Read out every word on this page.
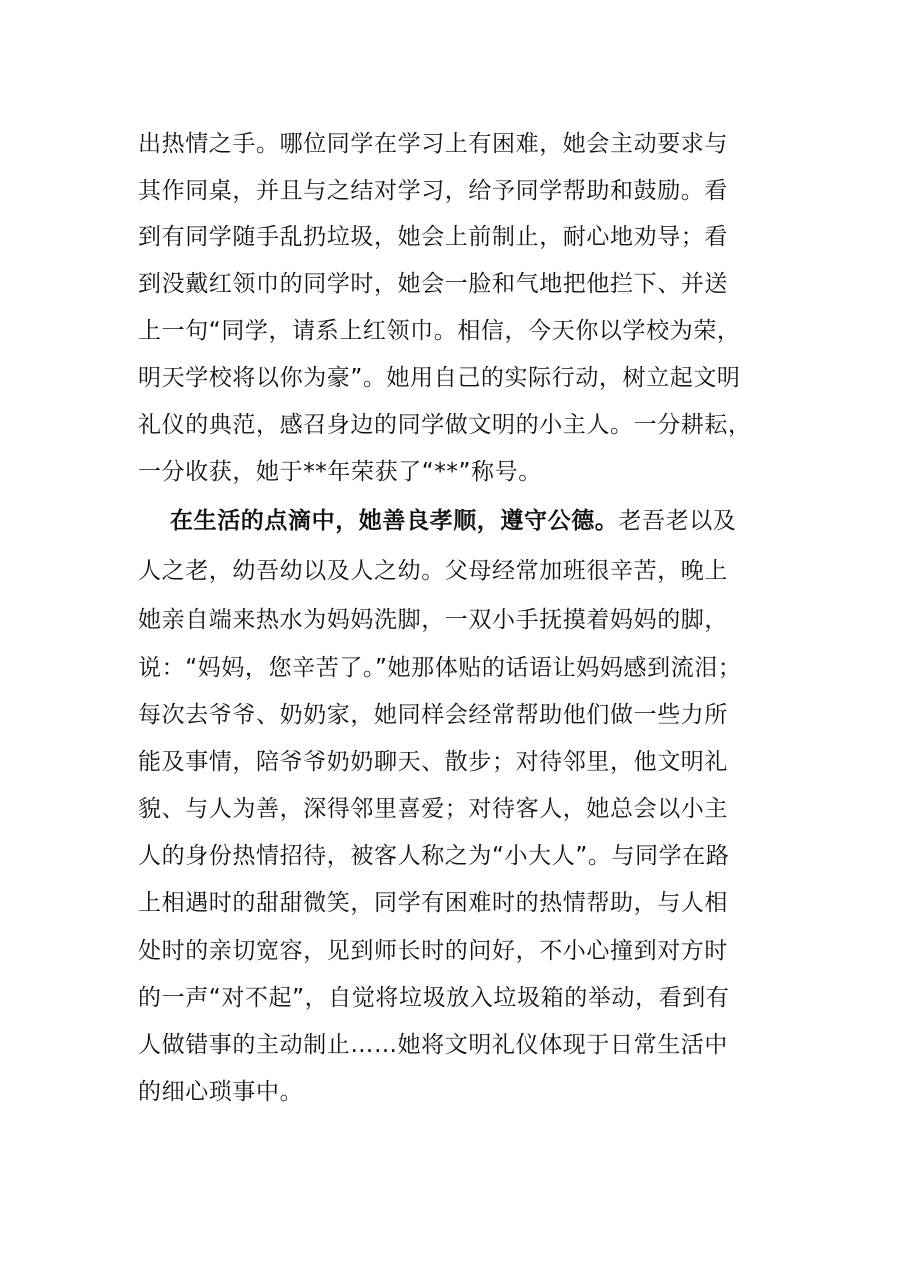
出热情之手。哪位同学在学习上有困难，她会主动要求与
其作同桌，并且与之结对学习，给予同学帮助和鼓励。看
到有同学随手乱扔垃圾，她会上前制止，耐心地劝导；看
到没戴红领巾的同学时，她会一脸和气地把他拦下、并送
上一句“同学，请系上红领巾。相信，今天你以学校为荣，
明天学校将以你为豪”。她用自己的实际行动，树立起文明
礼仪的典范，感召身边的同学做文明的小主人。一分耕耘，
一分收获，她于**年荣获了“**”称号。
在生活的点滴中，她善良孝顺，遵守公德。老吾老以及
人之老，幼吾幼以及人之幼。父母经常加班很辛苦，晚上
她亲自端来热水为妈妈洗脚，一双小手抚摸着妈妈的脚，
说：“妈妈，您辛苦了。”她那体贴的话语让妈妈感到流泪；
每次去爷爷、奶奶家，她同样会经常帮助他们做一些力所
能及事情，陪爷爷奶奶聊天、散步；对待邻里，他文明礼
貌、与人为善，深得邻里喜爱；对待客人，她总会以小主
人的身份热情招待，被客人称之为“小大人”。与同学在路
上相遇时的甜甜微笑，同学有困难时的热情帮助，与人相
处时的亲切宽容，见到师长时的问好，不小心撞到对方时
的一声“对不起”，自觉将垃圾放入垃圾箱的举动，看到有
人做错事的主动制止……她将文明礼仪体现于日常生活中
的细心琐事中。
